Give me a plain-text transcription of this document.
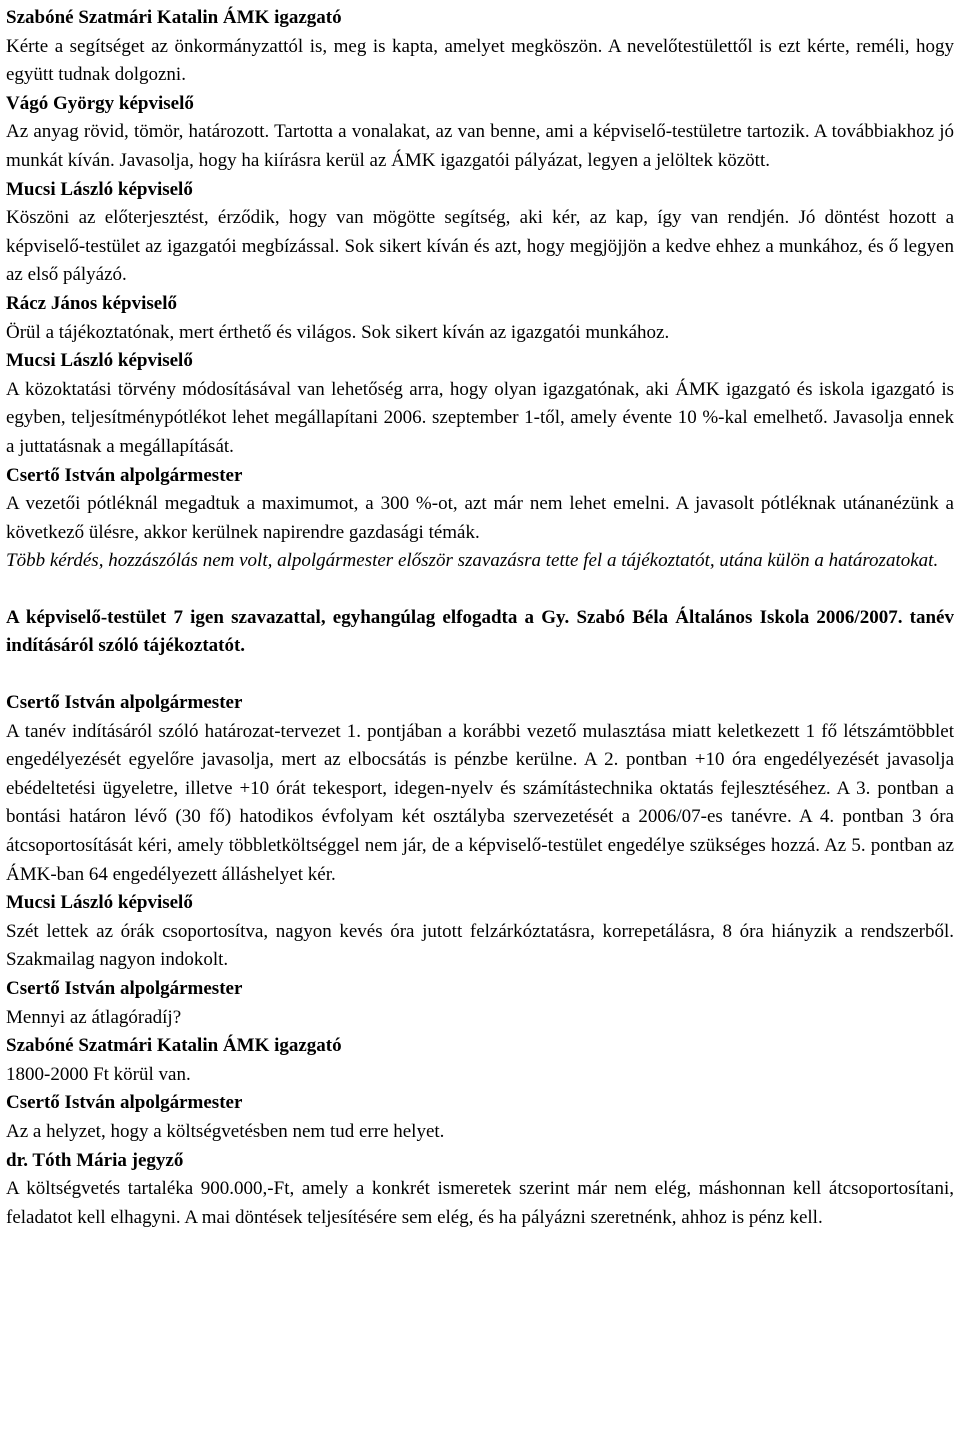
Szabóné Szatmári Katalin ÁMK igazgató
Kérte a segítséget az önkormányzattól is, meg is kapta, amelyet megköszön. A nevelőtestülettől is ezt kérte, reméli, hogy együtt tudnak dolgozni.
Vágó György képviselő
Az anyag rövid, tömör, határozott. Tartotta a vonalakat, az van benne, ami a képviselő-testületre tartozik. A továbbiakhoz jó munkát kíván. Javasolja, hogy ha kiírásra kerül az ÁMK igazgatói pályázat, legyen a jelöltek között.
Mucsi László képviselő
Köszöni az előterjesztést, érződik, hogy van mögötte segítség, aki kér, az kap, így van rendjén. Jó döntést hozott a képviselő-testület az igazgatói megbízással. Sok sikert kíván és azt, hogy megjöjjön a kedve ehhez a munkához, és ő legyen az első pályázó.
Rácz János képviselő
Örül a tájékoztatónak, mert érthető és világos. Sok sikert kíván az igazgatói munkához.
Mucsi László képviselő
A közoktatási törvény módosításával van lehetőség arra, hogy olyan igazgatónak, aki ÁMK igazgató és iskola igazgató is egyben, teljesítménypótlékot lehet megállapítani 2006. szeptember 1-től, amely évente 10 %-kal emelhető. Javasolja ennek a juttatásnak a megállapítását.
Csertő István alpolgármester
A vezetői pótléknál megadtuk a maximumot, a 300 %-ot, azt már nem lehet emelni. A javasolt pótléknak utánanézünk a következő ülésre, akkor kerülnek napirendre gazdasági témák.
Több kérdés, hozzászólás nem volt, alpolgármester először szavazásra tette fel a tájékoztatót, utána külön a határozatokat.
A képviselő-testület 7 igen szavazattal, egyhangúlag elfogadta a Gy. Szabó Béla Általános Iskola 2006/2007. tanév indításáról szóló tájékoztatót.
Csertő István alpolgármester
A tanév indításáról szóló határozat-tervezet 1. pontjában a korábbi vezető mulasztása miatt keletkezett 1 fő létszámtöbblet engedélyezését egyelőre javasolja, mert az elbocsátás is pénzbe kerülne. A 2. pontban +10 óra engedélyezését javasolja ebédeltetési ügyeletre, illetve +10 órát tekesport, idegen-nyelv és számítástechnika oktatás fejlesztéséhez. A 3. pontban a bontási határon lévő (30 fő) hatodikos évfolyam két osztályba szervezetését a 2006/07-es tanévre. A 4. pontban 3 óra átcsoportosítását kéri, amely többletköltséggel nem jár, de a képviselő-testület engedélye szükséges hozzá. Az 5. pontban az ÁMK-ban 64 engedélyezett álláshelyet kér.
Mucsi László képviselő
Szét lettek az órák csoportosítva, nagyon kevés óra jutott felzárkóztatásra, korrepetálásra, 8 óra hiányzik a rendszerből. Szakmailag nagyon indokolt.
Csertő István alpolgármester
Mennyi az átlagóradíj?
Szabóné Szatmári Katalin ÁMK igazgató
1800-2000 Ft körül van.
Csertő István alpolgármester
Az a helyzet, hogy a költségvetésben nem tud erre helyet.
dr. Tóth Mária jegyző
A költségvetés tartaléka 900.000,-Ft, amely a konkrét ismeretek szerint már nem elég, máshonnan kell átcsoportosítani, feladatot kell elhagyni. A mai döntések teljesítésére sem elég, és ha pályázni szeretnénk, ahhoz is pénz kell.
